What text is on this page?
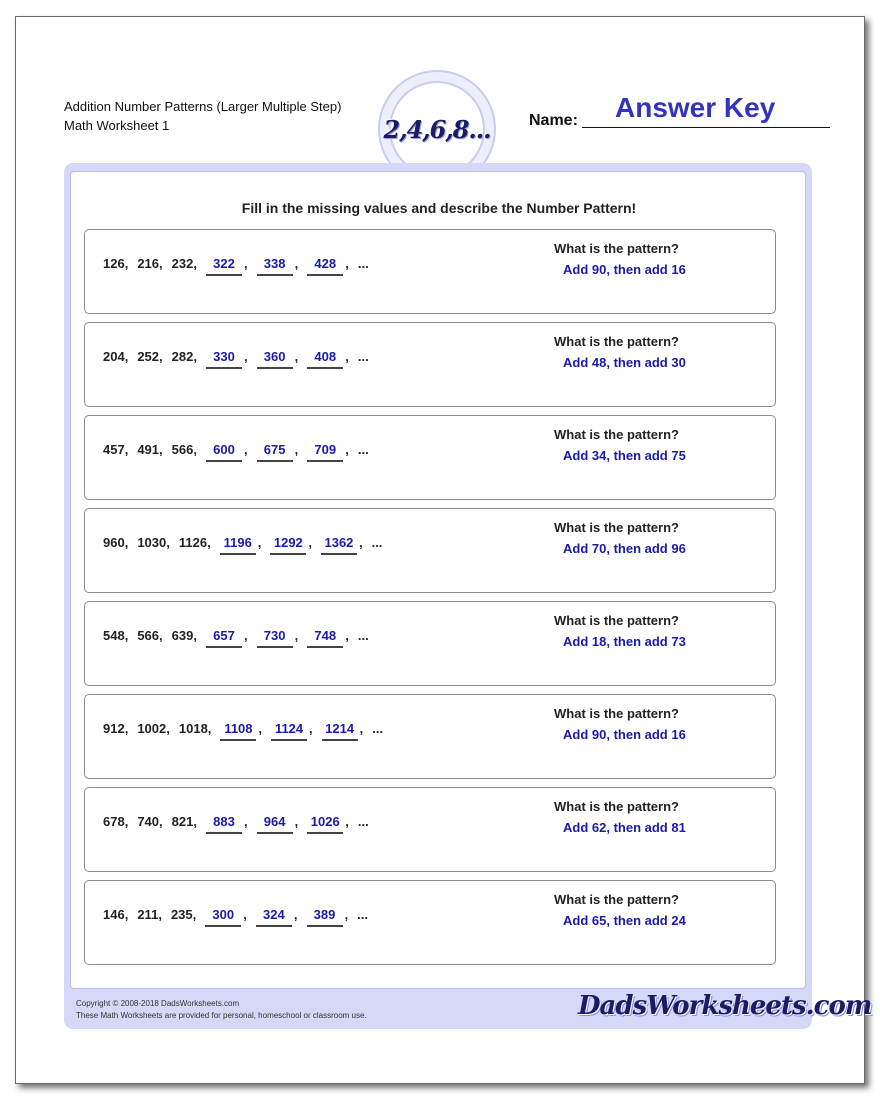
Addition Number Patterns (Larger Multiple Step)
Math Worksheet 1	2,4,6,8... Name: Answer Key
Fill in the missing values and describe the Number Pattern!
126 , 216 , 232 ,	322 ,	338 ,	428 , ...
What is the pattern?
Add 90, then add 16
204 , 252 , 282 ,	330 ,	360 ,	408 , ...
What is the pattern?
Add 48, then add 30
457 , 491 , 566 ,	600 ,	675 ,	709 , ...
What is the pattern?
Add 34, then add 75
960 , 1030 , 1126 , 1196 , 1292 , 1362 , ...
What is the pattern?
Add 70, then add 96
548 , 566 , 639 ,	657 ,	730 ,	748 , ...
What is the pattern?
Add 18, then add 73
912 , 1002 , 1018 , 1108 , 1124 , 1214 , ...
What is the pattern?
Add 90, then add 16
678 , 740 , 821 ,	883 ,	964 , 1026 , ...
What is the pattern?
Add 62, then add 81
146 , 211 , 235 ,	300 ,	324 ,	389 , ...
What is the pattern?
Add 65, then add 24
Copyright © 2008-2018 DadsWorksheets.com
These Math Worksheets are provided for personal, homeschool or classroom use.	DadsWorksheets.com
